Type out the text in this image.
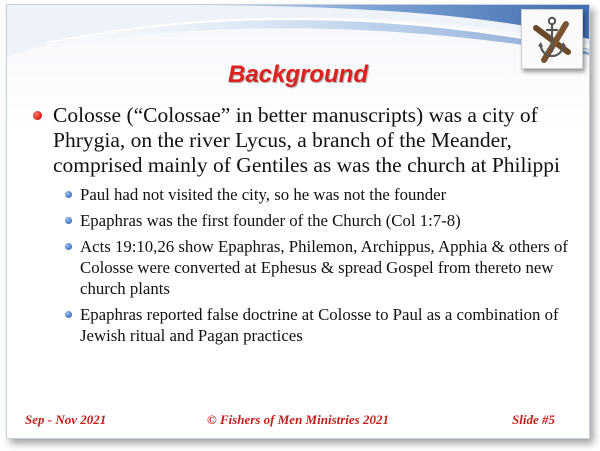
Background
Colosse (“Colossae” in better manuscripts) was a city of Phrygia, on the river Lycus, a branch of the Meander, comprised mainly of Gentiles as was the church at Philippi
Paul had not visited the city, so he was not the founder
Epaphras was the first founder of the Church (Col 1:7-8)
Acts 19:10,26 show Epaphras, Philemon, Archippus, Apphia & others of Colosse were converted at Ephesus & spread Gospel from thereto new church plants
Epaphras reported false doctrine at Colosse to Paul as a combination of Jewish ritual and Pagan practices
Sep - Nov 2021	© Fishers of Men Ministries 2021	Slide #5
